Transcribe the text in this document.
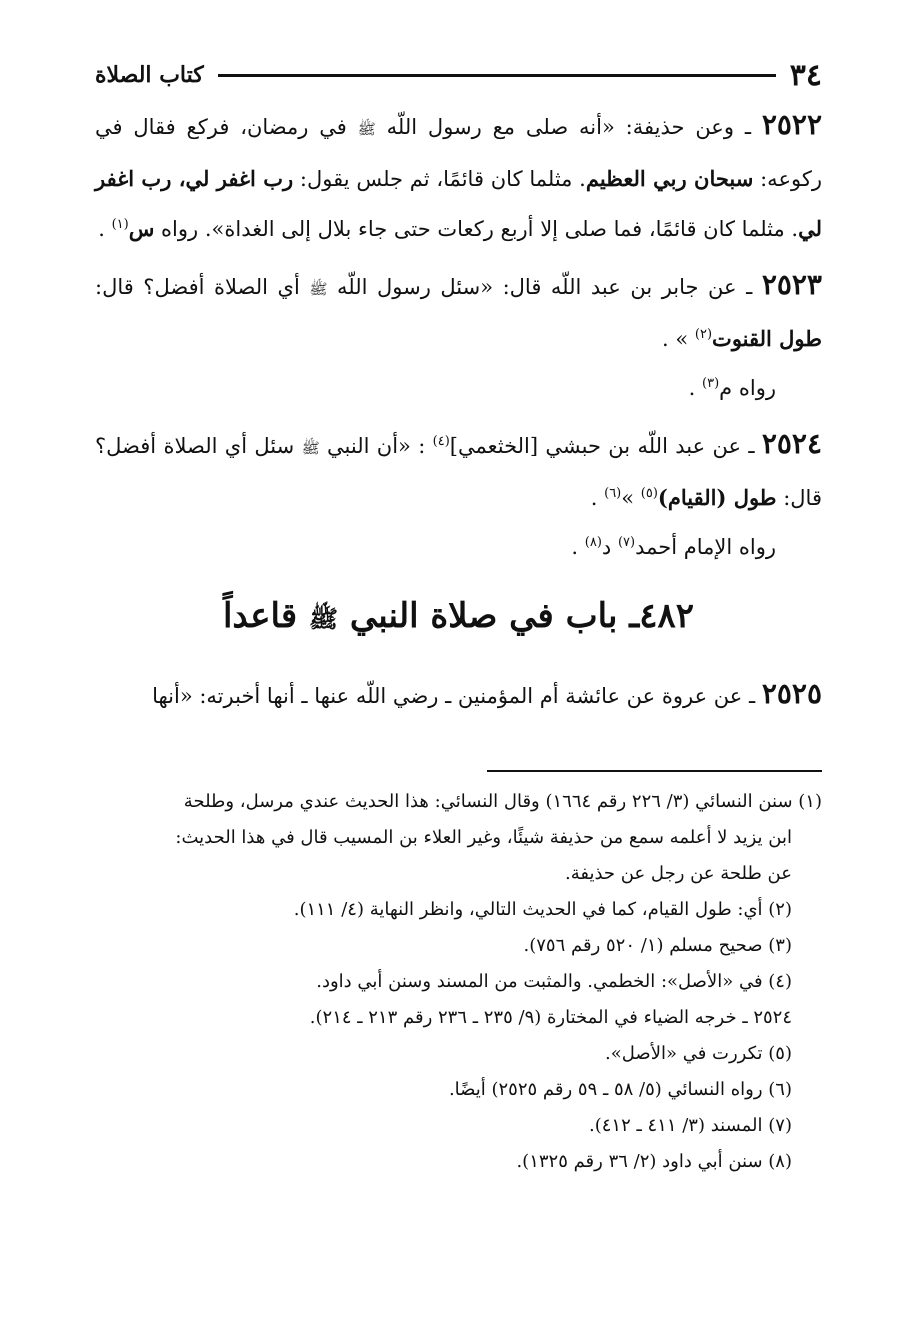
٣٤
كتاب الصلاة

٢٥٢٢ ـ وعن حذيفة: «أنه صلى مع رسول اللّه ﷺ في رمضان، فركع فقال في ركوعه: سبحان ربي العظيم. مثلما كان قائمًا، ثم جلس يقول: رب اغفر لي، رب اغفر لي. مثلما كان قائمًا، فما صلى إلا أربع ركعات حتى جاء بلال إلى الغداة». رواه س$^{(١)}$ .

٢٥٢٣ ـ عن جابر بن عبد اللّه قال: «سئل رسول اللّه ﷺ أي الصلاة أفضل؟ قال: طول القنوت$^{(٢)}$ » .
رواه م$^{(٣)}$ .

٢٥٢٤ ـ عن عبد اللّه بن حبشي [الخثعمي]$^{(٤)}$ : «أن النبي ﷺ سئل أي الصلاة أفضل؟ قال: طول (القيام)$^{(٥)}$ »$^{(٦)}$ .
رواه الإمام أحمد$^{(٧)}$ د$^{(٨)}$ .

٤٨٢ـ باب في صلاة النبي ﷺ قاعداً

٢٥٢٥ ـ عن عروة عن عائشة أم المؤمنين ـ رضي اللّه عنها ـ أنها أخبرته: «أنها

(١) سنن النسائي (٣/ ٢٢٦ رقم ١٦٦٤) وقال النسائي: هذا الحديث عندي مرسل، وطلحة
ابن يزيد لا أعلمه سمع من حذيفة شيئًا، وغير العلاء بن المسيب قال في هذا الحديث:
عن طلحة عن رجل عن حذيفة.

(٢) أي: طول القيام، كما في الحديث التالي، وانظر النهاية (٤/ ١١١).

(٣) صحيح مسلم (١/ ٥٢٠ رقم ٧٥٦).

(٤) في «الأصل»: الخطمي. والمثبت من المسند وسنن أبي داود.

٢٥٢٤ ـ خرجه الضياء في المختارة (٩/ ٢٣٥ ـ ٢٣٦ رقم ٢١٣ ـ ٢١٤).

(٥) تكررت في «الأصل».

(٦) رواه النسائي (٥/ ٥٨ ـ ٥٩ رقم ٢٥٢٥) أيضًا.

(٧) المسند (٣/ ٤١١ ـ ٤١٢).

(٨) سنن أبي داود (٢/ ٣٦ رقم ١٣٢٥).
